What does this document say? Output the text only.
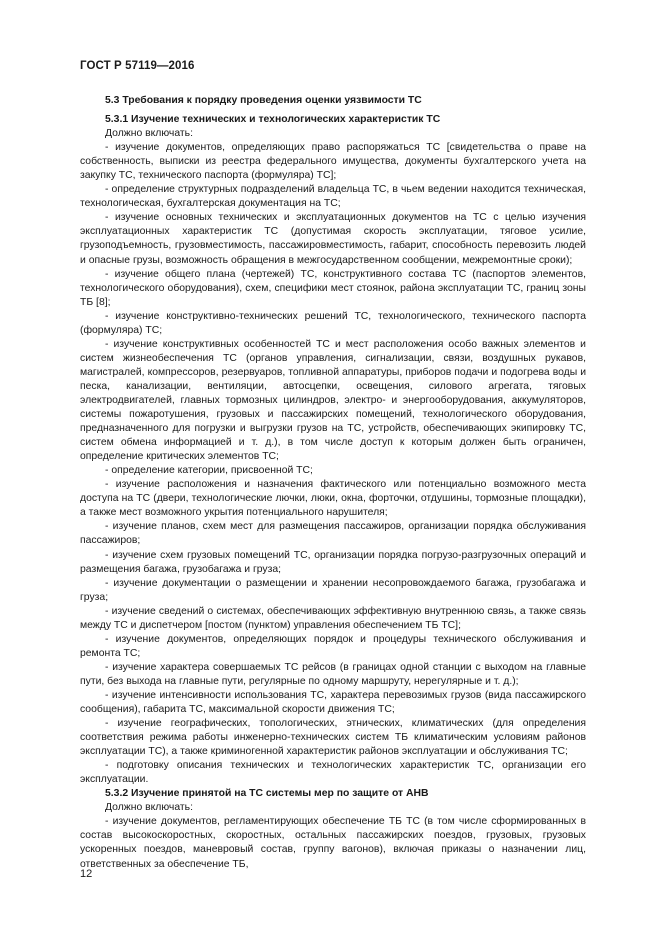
ГОСТ Р 57119—2016
5.3 Требования к порядку проведения оценки уязвимости ТС
5.3.1 Изучение технических и технологических характеристик ТС
Должно включать:

- изучение документов, определяющих право распоряжаться ТС [свидетельства о праве на собственность, выписки из реестра федерального имущества, документы бухгалтерского учета на закупку ТС, технического паспорта (формуляра) ТС];

- определение структурных подразделений владельца ТС, в чьем ведении находится техническая, технологическая, бухгалтерская документация на ТС;

- изучение основных технических и эксплуатационных документов на ТС с целью изучения эксплуатационных характеристик ТС (допустимая скорость эксплуатации, тяговое усилие, грузоподъемность, грузовместимость, пассажировместимость, габарит, способность перевозить людей и опасные грузы, возможность обращения в межгосударственном сообщении, межремонтные сроки);

- изучение общего плана (чертежей) ТС, конструктивного состава ТС (паспортов элементов, технологического оборудования), схем, специфики мест стоянок, района эксплуатации ТС, границ зоны ТБ [8];

- изучение конструктивно-технических решений ТС, технологического, технического паспорта (формуляра) ТС;

- изучение конструктивных особенностей ТС и мест расположения особо важных элементов и систем жизнеобеспечения ТС (органов управления, сигнализации, связи, воздушных рукавов, магистралей, компрессоров, резервуаров, топливной аппаратуры, приборов подачи и подогрева воды и песка, канализации, вентиляции, автосцепки, освещения, силового агрегата, тяговых электродвигателей, главных тормозных цилиндров, электро- и энергооборудования, аккумуляторов, системы пожаротушения, грузовых и пассажирских помещений, технологического оборудования, предназначенного для погрузки и выгрузки грузов на ТС, устройств, обеспечивающих экипировку ТС, систем обмена информацией и т. д.), в том числе доступ к которым должен быть ограничен, определение критических элементов ТС;

- определение категории, присвоенной ТС;

- изучение расположения и назначения фактического или потенциально возможного места доступа на ТС (двери, технологические лючки, люки, окна, форточки, отдушины, тормозные площадки), а также мест возможного укрытия потенциального нарушителя;

- изучение планов, схем мест для размещения пассажиров, организации порядка обслуживания пассажиров;

- изучение схем грузовых помещений ТС, организации порядка погрузо-разгрузочных операций и размещения багажа, грузобагажа и груза;

- изучение документации о размещении и хранении несопровождаемого багажа, грузобагажа и груза;

- изучение сведений о системах, обеспечивающих эффективную внутреннюю связь, а также связь между ТС и диспетчером [постом (пунктом) управления обеспечением ТБ ТС];

- изучение документов, определяющих порядок и процедуры технического обслуживания и ремонта ТС;

- изучение характера совершаемых ТС рейсов (в границах одной станции с выходом на главные пути, без выхода на главные пути, регулярные по одному маршруту, нерегулярные и т. д.);

- изучение интенсивности использования ТС, характера перевозимых грузов (вида пассажирского сообщения), габарита ТС, максимальной скорости движения ТС;

- изучение географических, топологических, этнических, климатических (для определения соответствия режима работы инженерно-технических систем ТБ климатическим условиям районов эксплуатации ТС), а также криминогенной характеристик районов эксплуатации и обслуживания ТС;

- подготовку описания технических и технологических характеристик ТС, организации его эксплуатации.

5.3.2 Изучение принятой на ТС системы мер по защите от АНВ
Должно включать:

- изучение документов, регламентирующих обеспечение ТБ ТС (в том числе сформированных в состав высокоскоростных, скоростных, остальных пассажирских поездов, грузовых, грузовых ускоренных поездов, маневровый состав, группу вагонов), включая приказы о назначении лиц, ответственных за обеспечение ТБ,

12
